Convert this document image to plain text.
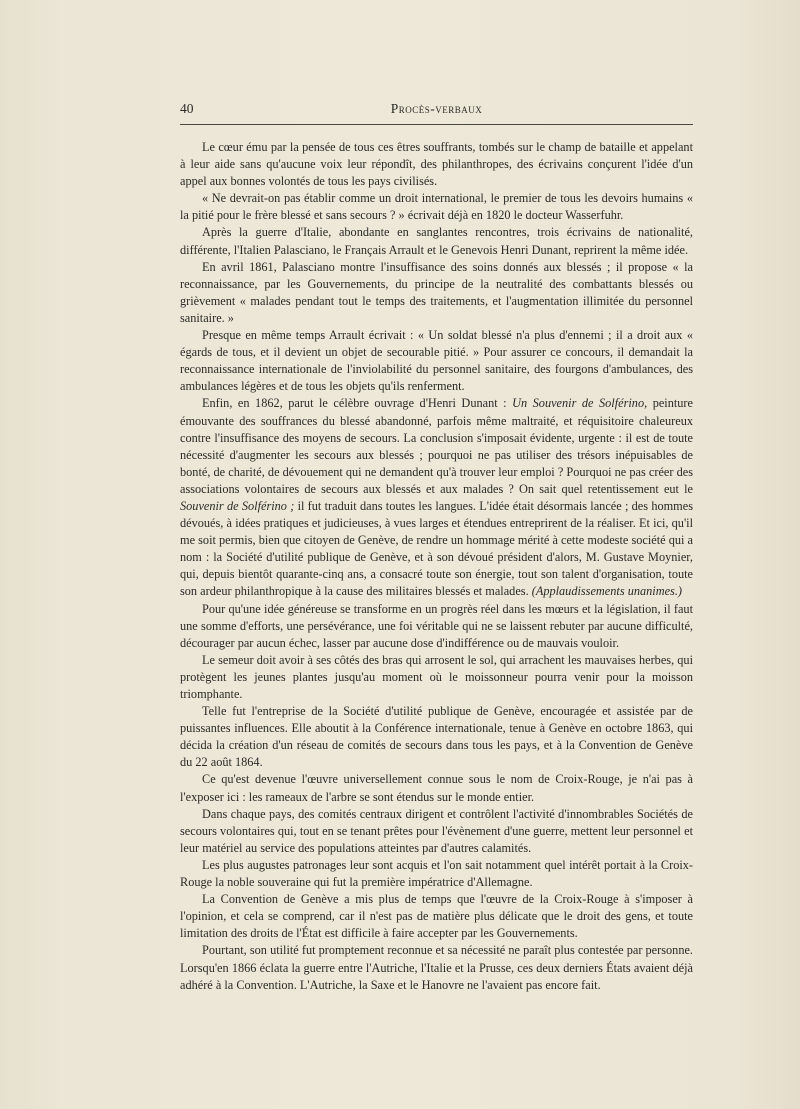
40	Procès-verbaux

Le cœur ému par la pensée de tous ces êtres souffrants, tombés sur le champ de bataille et appelant à leur aide sans qu'aucune voix leur répondît, des philanthropes, des écrivains conçurent l'idée d'un appel aux bonnes volontés de tous les pays civilisés.

« Ne devrait-on pas établir comme un droit international, le premier de tous les devoirs humains « la pitié pour le frère blessé et sans secours ? » écrivait déjà en 1820 le docteur Wasserfuhr.

Après la guerre d'Italie, abondante en sanglantes rencontres, trois écrivains de nationalité, différente, l'Italien Palasciano, le Français Arrault et le Genevois Henri Dunant, reprirent la même idée.

En avril 1861, Palasciano montre l'insuffisance des soins donnés aux blessés ; il propose « la reconnaissance, par les Gouvernements, du principe de la neutralité des combattants blessés ou grièvement « malades pendant tout le temps des traitements, et l'augmentation illimitée du personnel sanitaire. »

Presque en même temps Arrault écrivait : « Un soldat blessé n'a plus d'ennemi ; il a droit aux « égards de tous, et il devient un objet de secourable pitié. » Pour assurer ce concours, il demandait la reconnaissance internationale de l'inviolabilité du personnel sanitaire, des fourgons d'ambulances, des ambulances légères et de tous les objets qu'ils renferment.

Enfin, en 1862, parut le célèbre ouvrage d'Henri Dunant : Un Souvenir de Solférino, peinture émouvante des souffrances du blessé abandonné, parfois même maltraité, et réquisitoire chaleureux contre l'insuffisance des moyens de secours. La conclusion s'imposait évidente, urgente : il est de toute nécessité d'augmenter les secours aux blessés ; pourquoi ne pas utiliser des trésors inépuisables de bonté, de charité, de dévouement qui ne demandent qu'à trouver leur emploi ? Pourquoi ne pas créer des associations volontaires de secours aux blessés et aux malades ? On sait quel retentissement eut le Souvenir de Solférino ; il fut traduit dans toutes les langues. L'idée était désormais lancée ; des hommes dévoués, à idées pratiques et judicieuses, à vues larges et étendues entreprirent de la réaliser. Et ici, qu'il me soit permis, bien que citoyen de Genève, de rendre un hommage mérité à cette modeste société qui a nom : la Société d'utilité publique de Genève, et à son dévoué président d'alors, M. Gustave Moynier, qui, depuis bientôt quarante-cinq ans, a consacré toute son énergie, tout son talent d'organisation, toute son ardeur philanthropique à la cause des militaires blessés et malades. (Applaudissements unanimes.)

Pour qu'une idée généreuse se transforme en un progrès réel dans les mœurs et la législation, il faut une somme d'efforts, une persévérance, une foi véritable qui ne se laissent rebuter par aucune difficulté, décourager par aucun échec, lasser par aucune dose d'indifférence ou de mauvais vouloir.

Le semeur doit avoir à ses côtés des bras qui arrosent le sol, qui arrachent les mauvaises herbes, qui protègent les jeunes plantes jusqu'au moment où le moissonneur pourra venir pour la moisson triomphante.

Telle fut l'entreprise de la Société d'utilité publique de Genève, encouragée et assistée par de puissantes influences. Elle aboutit à la Conférence internationale, tenue à Genève en octobre 1863, qui décida la création d'un réseau de comités de secours dans tous les pays, et à la Convention de Genève du 22 août 1864.

Ce qu'est devenue l'œuvre universellement connue sous le nom de Croix-Rouge, je n'ai pas à l'exposer ici : les rameaux de l'arbre se sont étendus sur le monde entier.

Dans chaque pays, des comités centraux dirigent et contrôlent l'activité d'innombrables Sociétés de secours volontaires qui, tout en se tenant prêtes pour l'évènement d'une guerre, mettent leur personnel et leur matériel au service des populations atteintes par d'autres calamités.

Les plus augustes patronages leur sont acquis et l'on sait notamment quel intérêt portait à la Croix-Rouge la noble souveraine qui fut la première impératrice d'Allemagne.

La Convention de Genève a mis plus de temps que l'œuvre de la Croix-Rouge à s'imposer à l'opinion, et cela se comprend, car il n'est pas de matière plus délicate que le droit des gens, et toute limitation des droits de l'État est difficile à faire accepter par les Gouvernements.

Pourtant, son utilité fut promptement reconnue et sa nécessité ne paraît plus contestée par personne. Lorsqu'en 1866 éclata la guerre entre l'Autriche, l'Italie et la Prusse, ces deux derniers États avaient déjà adhéré à la Convention. L'Autriche, la Saxe et le Hanovre ne l'avaient pas encore fait.
